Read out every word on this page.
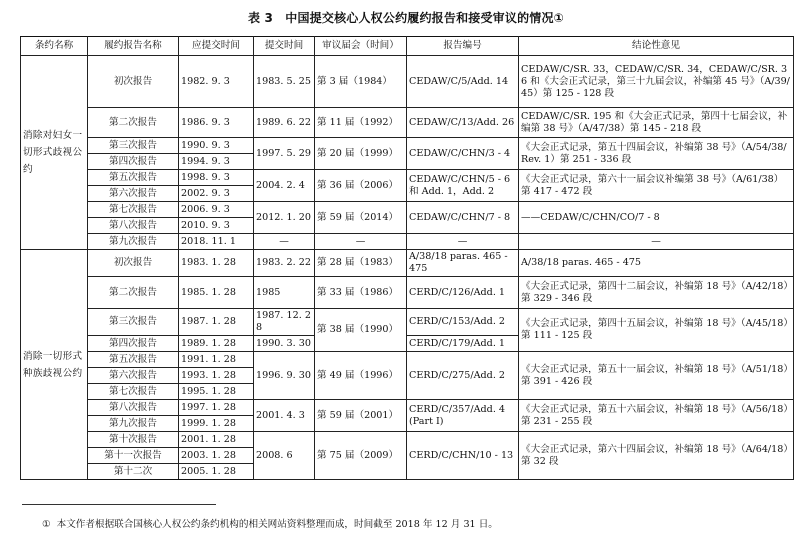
表 3　中国提交核心人权公约履约报告和接受审议的情况①
条约名称	履约报告名称	应提交时间	提交时间	审议届会（时间）	报告编号	结论性意见
消除对妇女一切形式歧视公约	初次报告	1982. 9. 3	1983. 5. 25	第 3 届（1984）	CEDAW/C/5/Add. 14	CEDAW/C/SR. 33，CEDAW/C/SR. 34，CEDAW/C/SR. 36 和《大会正式记录，第三十九届会议，补编第 45 号》（A/39/45）第 125 - 128 段
	第二次报告	1986. 9. 3	1989. 6. 22	第 11 届（1992）	CEDAW/C/13/Add. 26	CEDAW/C/SR. 195 和《大会正式记录，第四十七届会议，补编第 38 号》（A/47/38）第 145 - 218 段
	第三次报告	1990. 9. 3	1997. 5. 29	第 20 届（1999）	CEDAW/C/CHN/3 - 4	《大会正式记录，第五十四届会议，补编第 38 号》（A/54/38/Rev. 1）第 251 - 336 段
	第四次报告	1994. 9. 3				
	第五次报告	1998. 9. 3	2004. 2. 4	第 36 届（2006）	CEDAW/C/CHN/5 - 6 和 Add. 1，Add. 2	《大会正式记录，第六十一届会议补编第 38 号》（A/61/38）第 417 - 472 段
	第六次报告	2002. 9. 3				
	第七次报告	2006. 9. 3	2012. 1. 20	第 59 届（2014）	CEDAW/C/CHN/7 - 8	——CEDAW/C/CHN/CO/7 - 8
	第八次报告	2010. 9. 3				
	第九次报告	2018. 11. 1	—	—	—	—
消除一切形式种族歧视公约	初次报告	1983. 1. 28	1983. 2. 22	第 28 届（1983）	A/38/18 paras. 465 - 475	A/38/18 paras. 465 - 475
	第二次报告	1985. 1. 28	1985	第 33 届（1986）	CERD/C/126/Add. 1	《大会正式记录，第四十二届会议，补编第 18 号》（A/42/18）第 329 - 346 段
	第三次报告	1987. 1. 28	1987. 12. 28	第 38 届（1990）	CERD/C/153/Add. 2	《大会正式记录，第四十五届会议，补编第 18 号》（A/45/18）第 111 - 125 段
	第四次报告	1989. 1. 28	1990. 3. 30		CERD/C/179/Add. 1	
	第五次报告	1991. 1. 28	1996. 9. 30	第 49 届（1996）	CERD/C/275/Add. 2	《大会正式记录，第五十一届会议，补编第 18 号》（A/51/18）第 391 - 426 段
	第六次报告	1993. 1. 28				
	第七次报告	1995. 1. 28				
	第八次报告	1997. 1. 28	2001. 4. 3	第 59 届（2001）	CERD/C/357/Add. 4 (Part I)	《大会正式记录，第五十六届会议，补编第 18 号》（A/56/18）第 231 - 255 段
	第九次报告	1999. 1. 28				
	第十次报告	2001. 1. 28	2008. 6	第 75 届（2009）	CERD/C/CHN/10 - 13	《大会正式记录，第六十四届会议，补编第 18 号》（A/64/18）第 32 段
	第十一次报告	2003. 1. 28				
	第十二次	2005. 1. 28				
① 本文作者根据联合国核心人权公约条约机构的相关网站资料整理而成，时间截至 2018 年 12 月 31 日。
